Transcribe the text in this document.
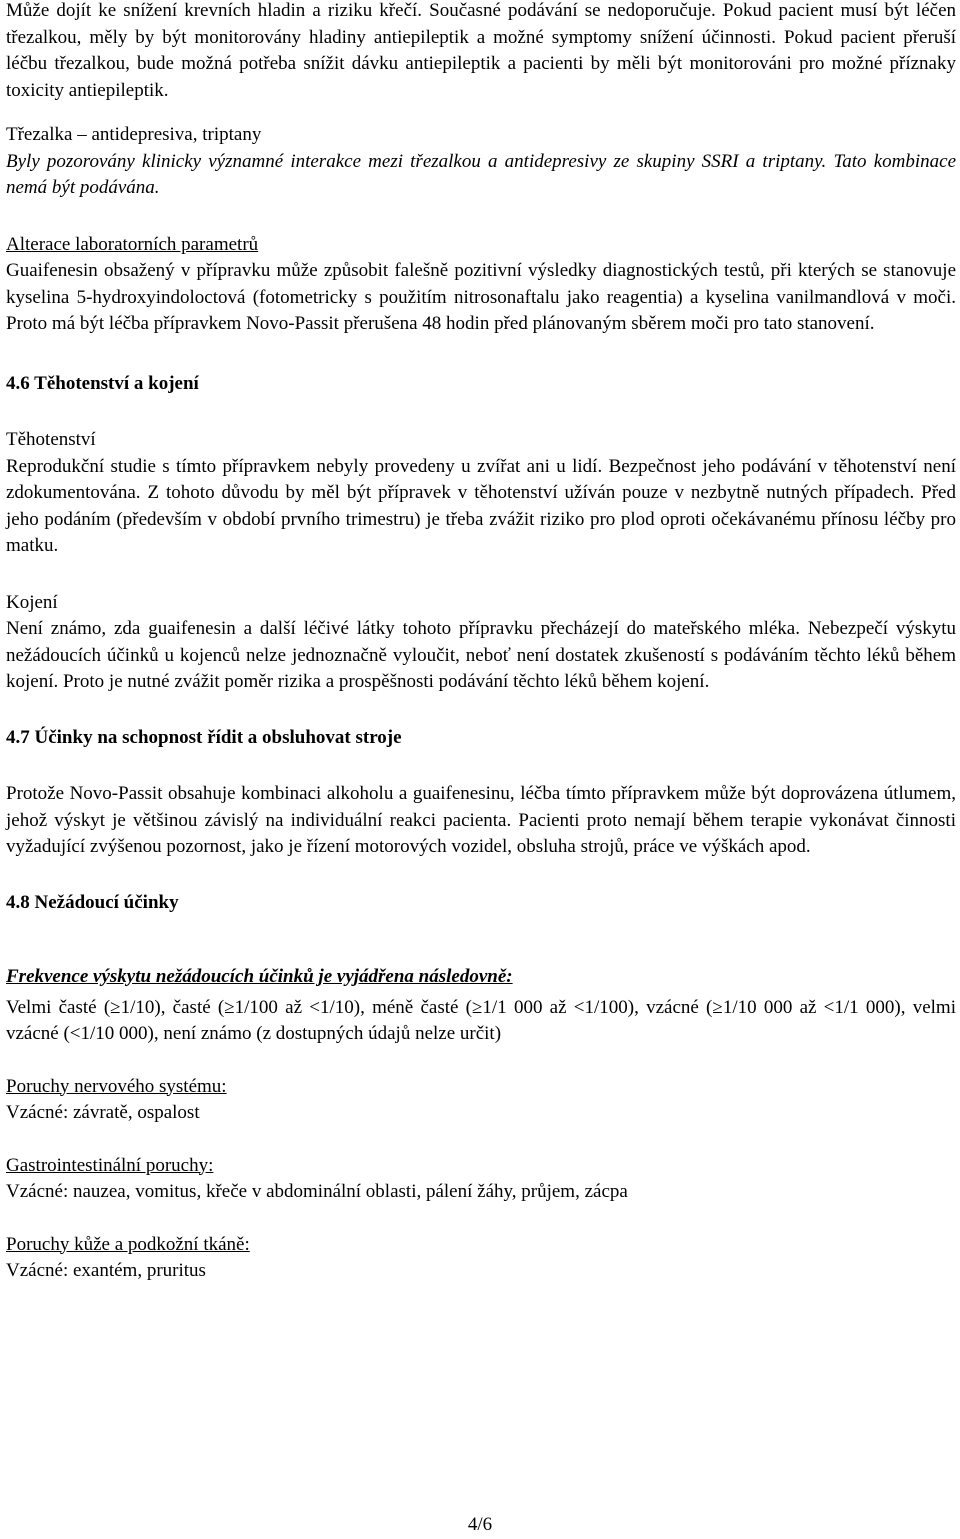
Může dojít ke snížení krevních hladin a riziku křečí. Současné podávání se nedoporučuje. Pokud pacient musí být léčen třezalkou, měly by být monitorovány hladiny antiepileptik a možné symptomy snížení účinnosti. Pokud pacient přeruší léčbu třezalkou, bude možná potřeba snížit dávku antiepileptik a pacienti by měli být monitorováni pro možné příznaky toxicity antiepileptik.

Třezalka – antidepresiva, triptany

Byly pozorovány klinicky významné interakce mezi třezalkou a antidepresivy ze skupiny SSRI a triptany. Tato kombinace nemá být podávána.

Alterace laboratorních parametrů

Guaifenesin obsažený v přípravku může způsobit falešně pozitivní výsledky diagnostických testů, při kterých se stanovuje kyselina 5-hydroxyindoloctová (fotometricky s použitím nitrosonaftalu jako reagentia) a kyselina vanilmandlová v moči. Proto má být léčba přípravkem Novo-Passit přerušena 48 hodin před plánovaným sběrem moči pro tato stanovení.

4.6 Těhotenství a kojení

Těhotenství

Reprodukční studie s tímto přípravkem nebyly provedeny u zvířat ani u lidí. Bezpečnost jeho podávání v těhotenství není zdokumentována. Z tohoto důvodu by měl být přípravek v těhotenství užíván pouze v nezbytně nutných případech. Před jeho podáním (především v období prvního trimestru) je třeba zvážit riziko pro plod oproti očekávanému přínosu léčby pro matku.

Kojení

Není známo, zda guaifenesin a další léčivé látky tohoto přípravku přecházejí do mateřského mléka. Nebezpečí výskytu nežádoucích účinků u kojenců nelze jednoznačně vyloučit, neboť není dostatek zkušeností s podáváním těchto léků během kojení. Proto je nutné zvážit poměr rizika a prospěšnosti podávání těchto léků během kojení.

4.7 Účinky na schopnost řídit a obsluhovat stroje

Protože Novo-Passit obsahuje kombinaci alkoholu a guaifenesinu, léčba tímto přípravkem může být doprovázena útlumem, jehož výskyt je většinou závislý na individuální reakci pacienta. Pacienti proto nemají během terapie vykonávat činnosti vyžadující zvýšenou pozornost, jako je řízení motorových vozidel, obsluha strojů, práce ve výškách apod.

4.8 Nežádoucí účinky

Frekvence výskytu nežádoucích účinků je vyjádřena následovně:

Velmi časté (≥1/10), časté (≥1/100 až <1/10), méně časté (≥1/1 000 až <1/100), vzácné (≥1/10 000 až <1/1 000), velmi vzácné (<1/10 000), není známo (z dostupných údajů nelze určit)

Poruchy nervového systému:

Vzácné: závratě, ospalost

Gastrointestinální poruchy:

Vzácné: nauzea, vomitus, křeče v abdominální oblasti, pálení žáhy, průjem, zácpa

Poruchy kůže a podkožní tkáně:

Vzácné: exantém, pruritus

4/6
